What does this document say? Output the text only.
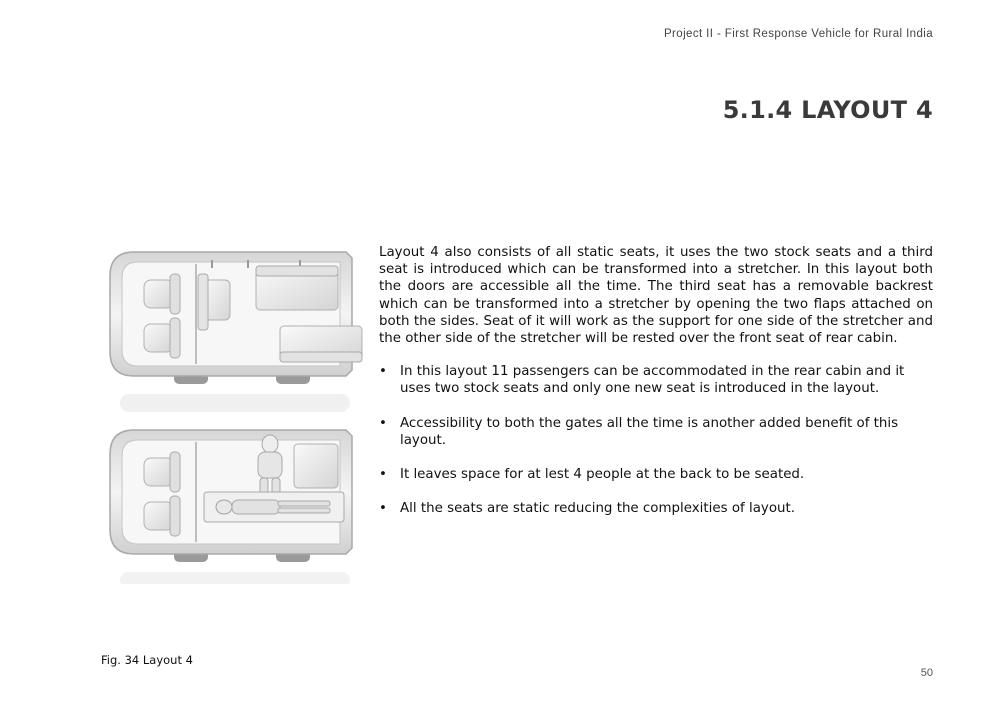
Project II - First Response Vehicle for Rural India
5.1.4 LAYOUT 4

Layout 4 also consists of all static seats, it uses the two stock seats and a third seat is introduced which can be transformed into a stretcher. In this layout both the doors are accessible all the time. The third seat has a removable backrest which can be transformed into a stretcher by opening the two flaps attached on both the sides. Seat of it will work as the support for one side of the stretcher and the other side of the stretcher will be rested over the front seat of rear cabin.

• In this layout 11 passengers can be accommodated in the rear cabin and it uses two stock seats and only one new seat is introduced in the layout.
• Accessibility to both the gates all the time is another added benefit of this layout.
• It leaves space for at lest 4 people at the back to be seated.
• All the seats are static reducing the complexities of layout.
Fig. 34 Layout 4
50
